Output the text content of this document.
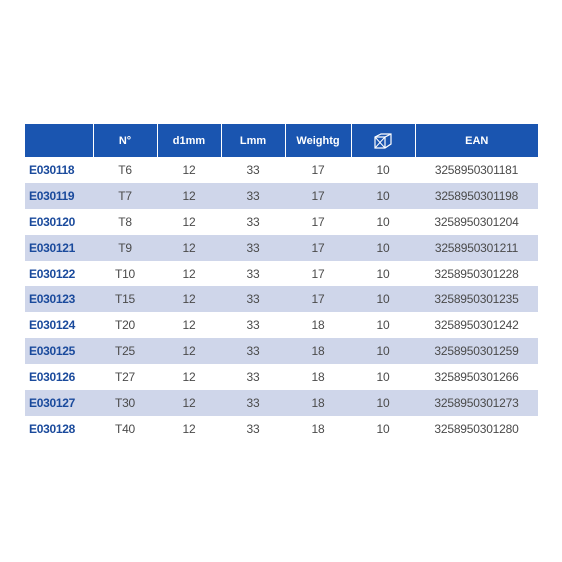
	N°	d1mm	Lmm	Weightg		EAN
E030118	T6	12	33	17	10	3258950301181
E030119	T7	12	33	17	10	3258950301198
E030120	T8	12	33	17	10	3258950301204
E030121	T9	12	33	17	10	3258950301211
E030122	T10	12	33	17	10	3258950301228
E030123	T15	12	33	17	10	3258950301235
E030124	T20	12	33	18	10	3258950301242
E030125	T25	12	33	18	10	3258950301259
E030126	T27	12	33	18	10	3258950301266
E030127	T30	12	33	18	10	3258950301273
E030128	T40	12	33	18	10	3258950301280
